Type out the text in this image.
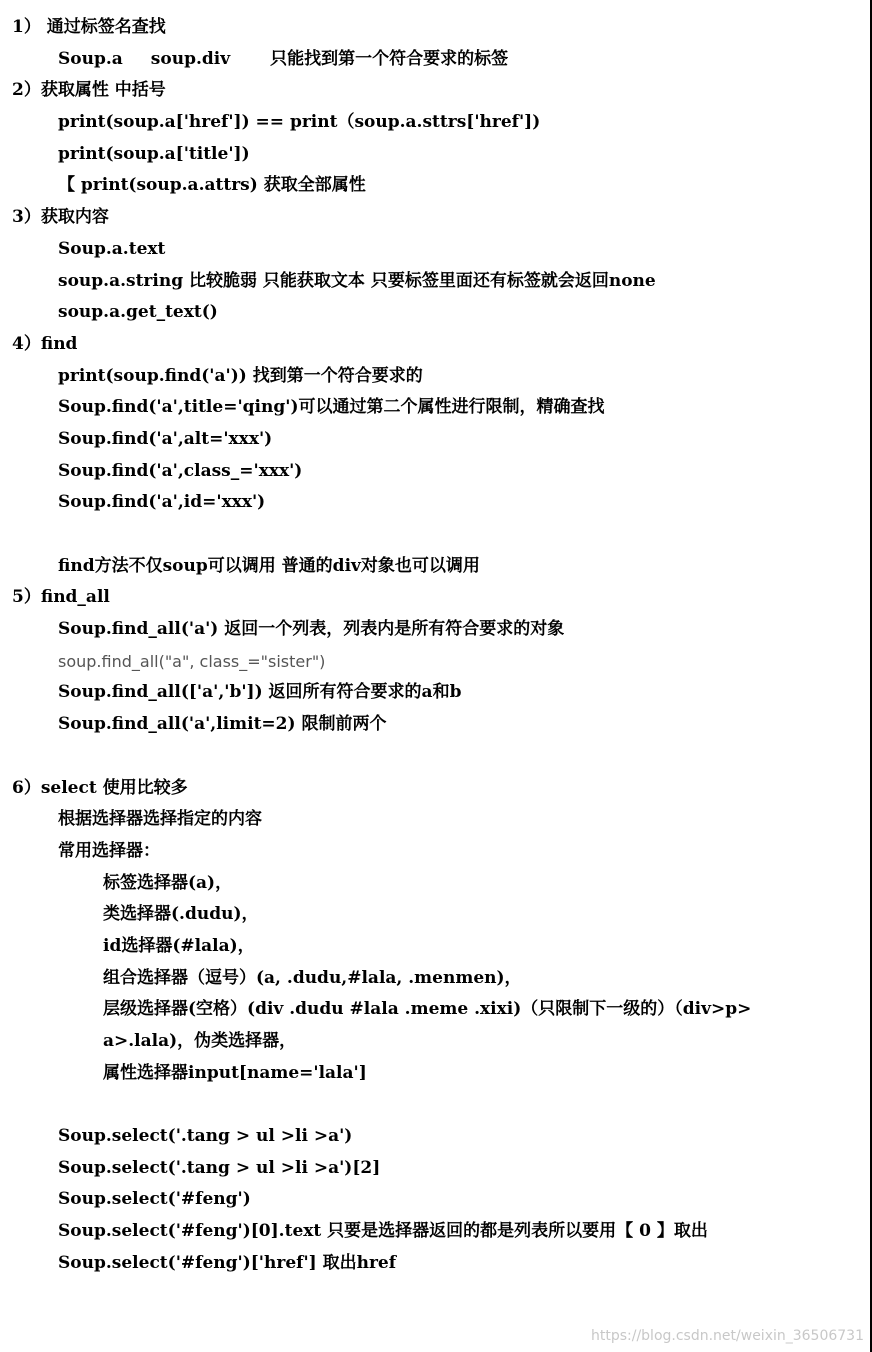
1） 通过标签名查找
Soup.a soup.div 只能找到第一个符合要求的标签
2）获取属性 中括号
print(soup.a['href']) == print（soup.a.sttrs['href'])
print(soup.a['title'])
【 print(soup.a.attrs) 获取全部属性
3）获取内容
Soup.a.text
soup.a.string 比较脆弱 只能获取文本 只要标签里面还有标签就会返回none
soup.a.get_text()
4）find
print(soup.find('a')) 找到第一个符合要求的
Soup.find('a',title='qing')可以通过第二个属性进行限制，精确查找
Soup.find('a',alt='xxx')
Soup.find('a',class_='xxx')
Soup.find('a',id='xxx')
find方法不仅soup可以调用 普通的div对象也可以调用
5）find_all
Soup.find_all('a') 返回一个列表，列表内是所有符合要求的对象
soup.find_all("a", class_="sister")
Soup.find_all(['a','b']) 返回所有符合要求的a和b
Soup.find_all('a',limit=2) 限制前两个
6）select 使用比较多
根据选择器选择指定的内容
常用选择器：
标签选择器(a)，
类选择器(.dudu)，
id选择器(#lala)，
组合选择器（逗号）(a, .dudu,#lala, .menmen)，
层级选择器(空格）(div .dudu #lala .meme .xixi)（只限制下一级的）（div>p>
a>.lala)，伪类选择器，
属性选择器input[name='lala']
Soup.select('.tang > ul >li >a')
Soup.select('.tang > ul >li >a')[2]
Soup.select('#feng')
Soup.select('#feng')[0].text 只要是选择器返回的都是列表所以要用【 0 】取出
Soup.select('#feng')['href'] 取出href
https://blog.csdn.net/weixin_36506731
